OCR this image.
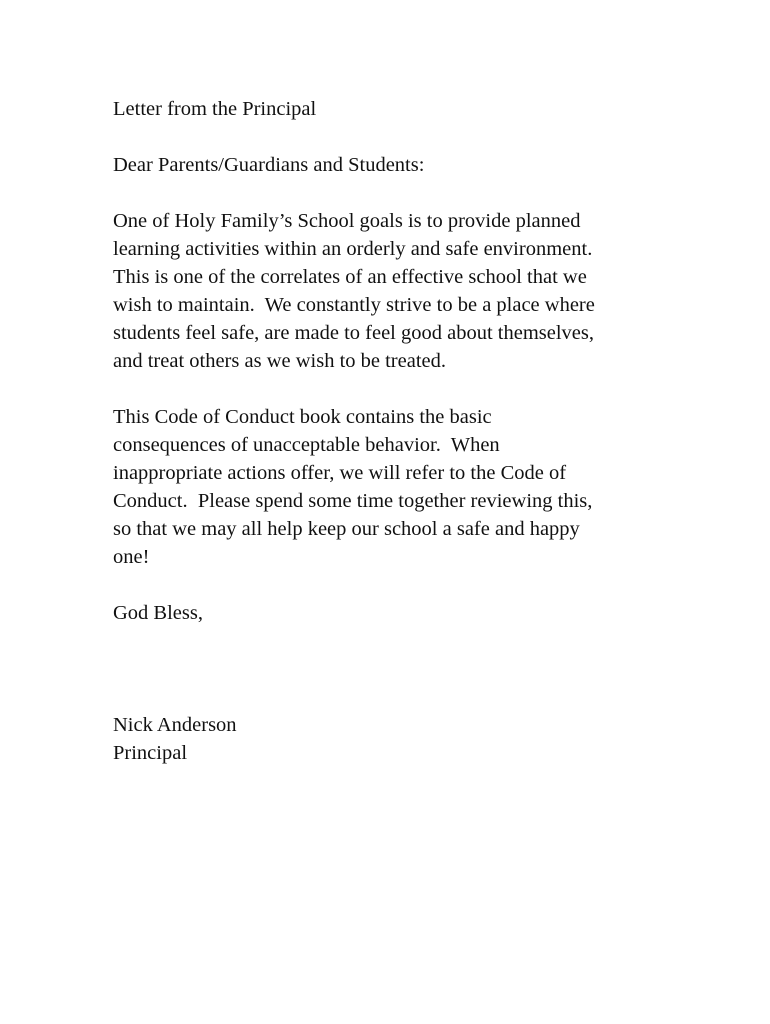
Letter from the Principal
Dear Parents/Guardians and Students:
One of Holy Family’s School goals is to provide planned
learning activities within an orderly and safe environment.
This is one of the correlates of an effective school that we
wish to maintain.  We constantly strive to be a place where
students feel safe, are made to feel good about themselves,
and treat others as we wish to be treated.
This Code of Conduct book contains the basic
consequences of unacceptable behavior.  When
inappropriate actions offer, we will refer to the Code of
Conduct.  Please spend some time together reviewing this,
so that we may all help keep our school a safe and happy
one!
God Bless,
Nick Anderson
Principal
